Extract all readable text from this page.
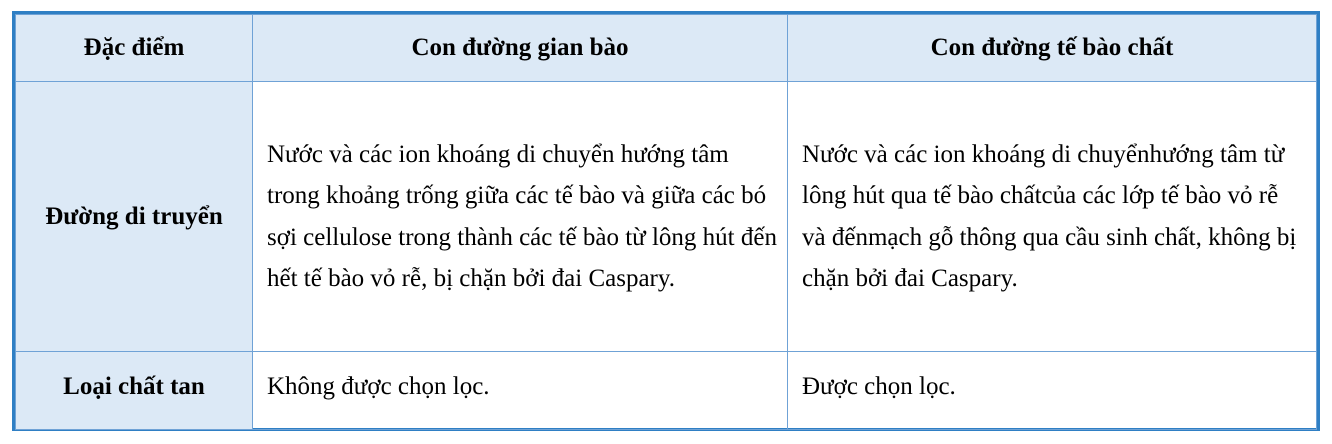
Đặc điểm	Con đường gian bào	Con đường tế bào chất
Đường di truyển	Nước và các ion khoáng di chuyển hướng tâm trong khoảng trống giữa các tế bào và giữa các bó sợi cellulose trong thành các tế bào từ lông hút đến hết tế bào vỏ rễ, bị chặn bởi đai Caspary.	Nước và các ion khoáng di chuyểnhướng tâm từ lông hút qua tế bào chấtcủa các lớp tế bào vỏ rễ và đếnmạch gỗ thông qua cầu sinh chất, không bị chặn bởi đai Caspary.
Loại chất tan	Không được chọn lọc.	Được chọn lọc.
